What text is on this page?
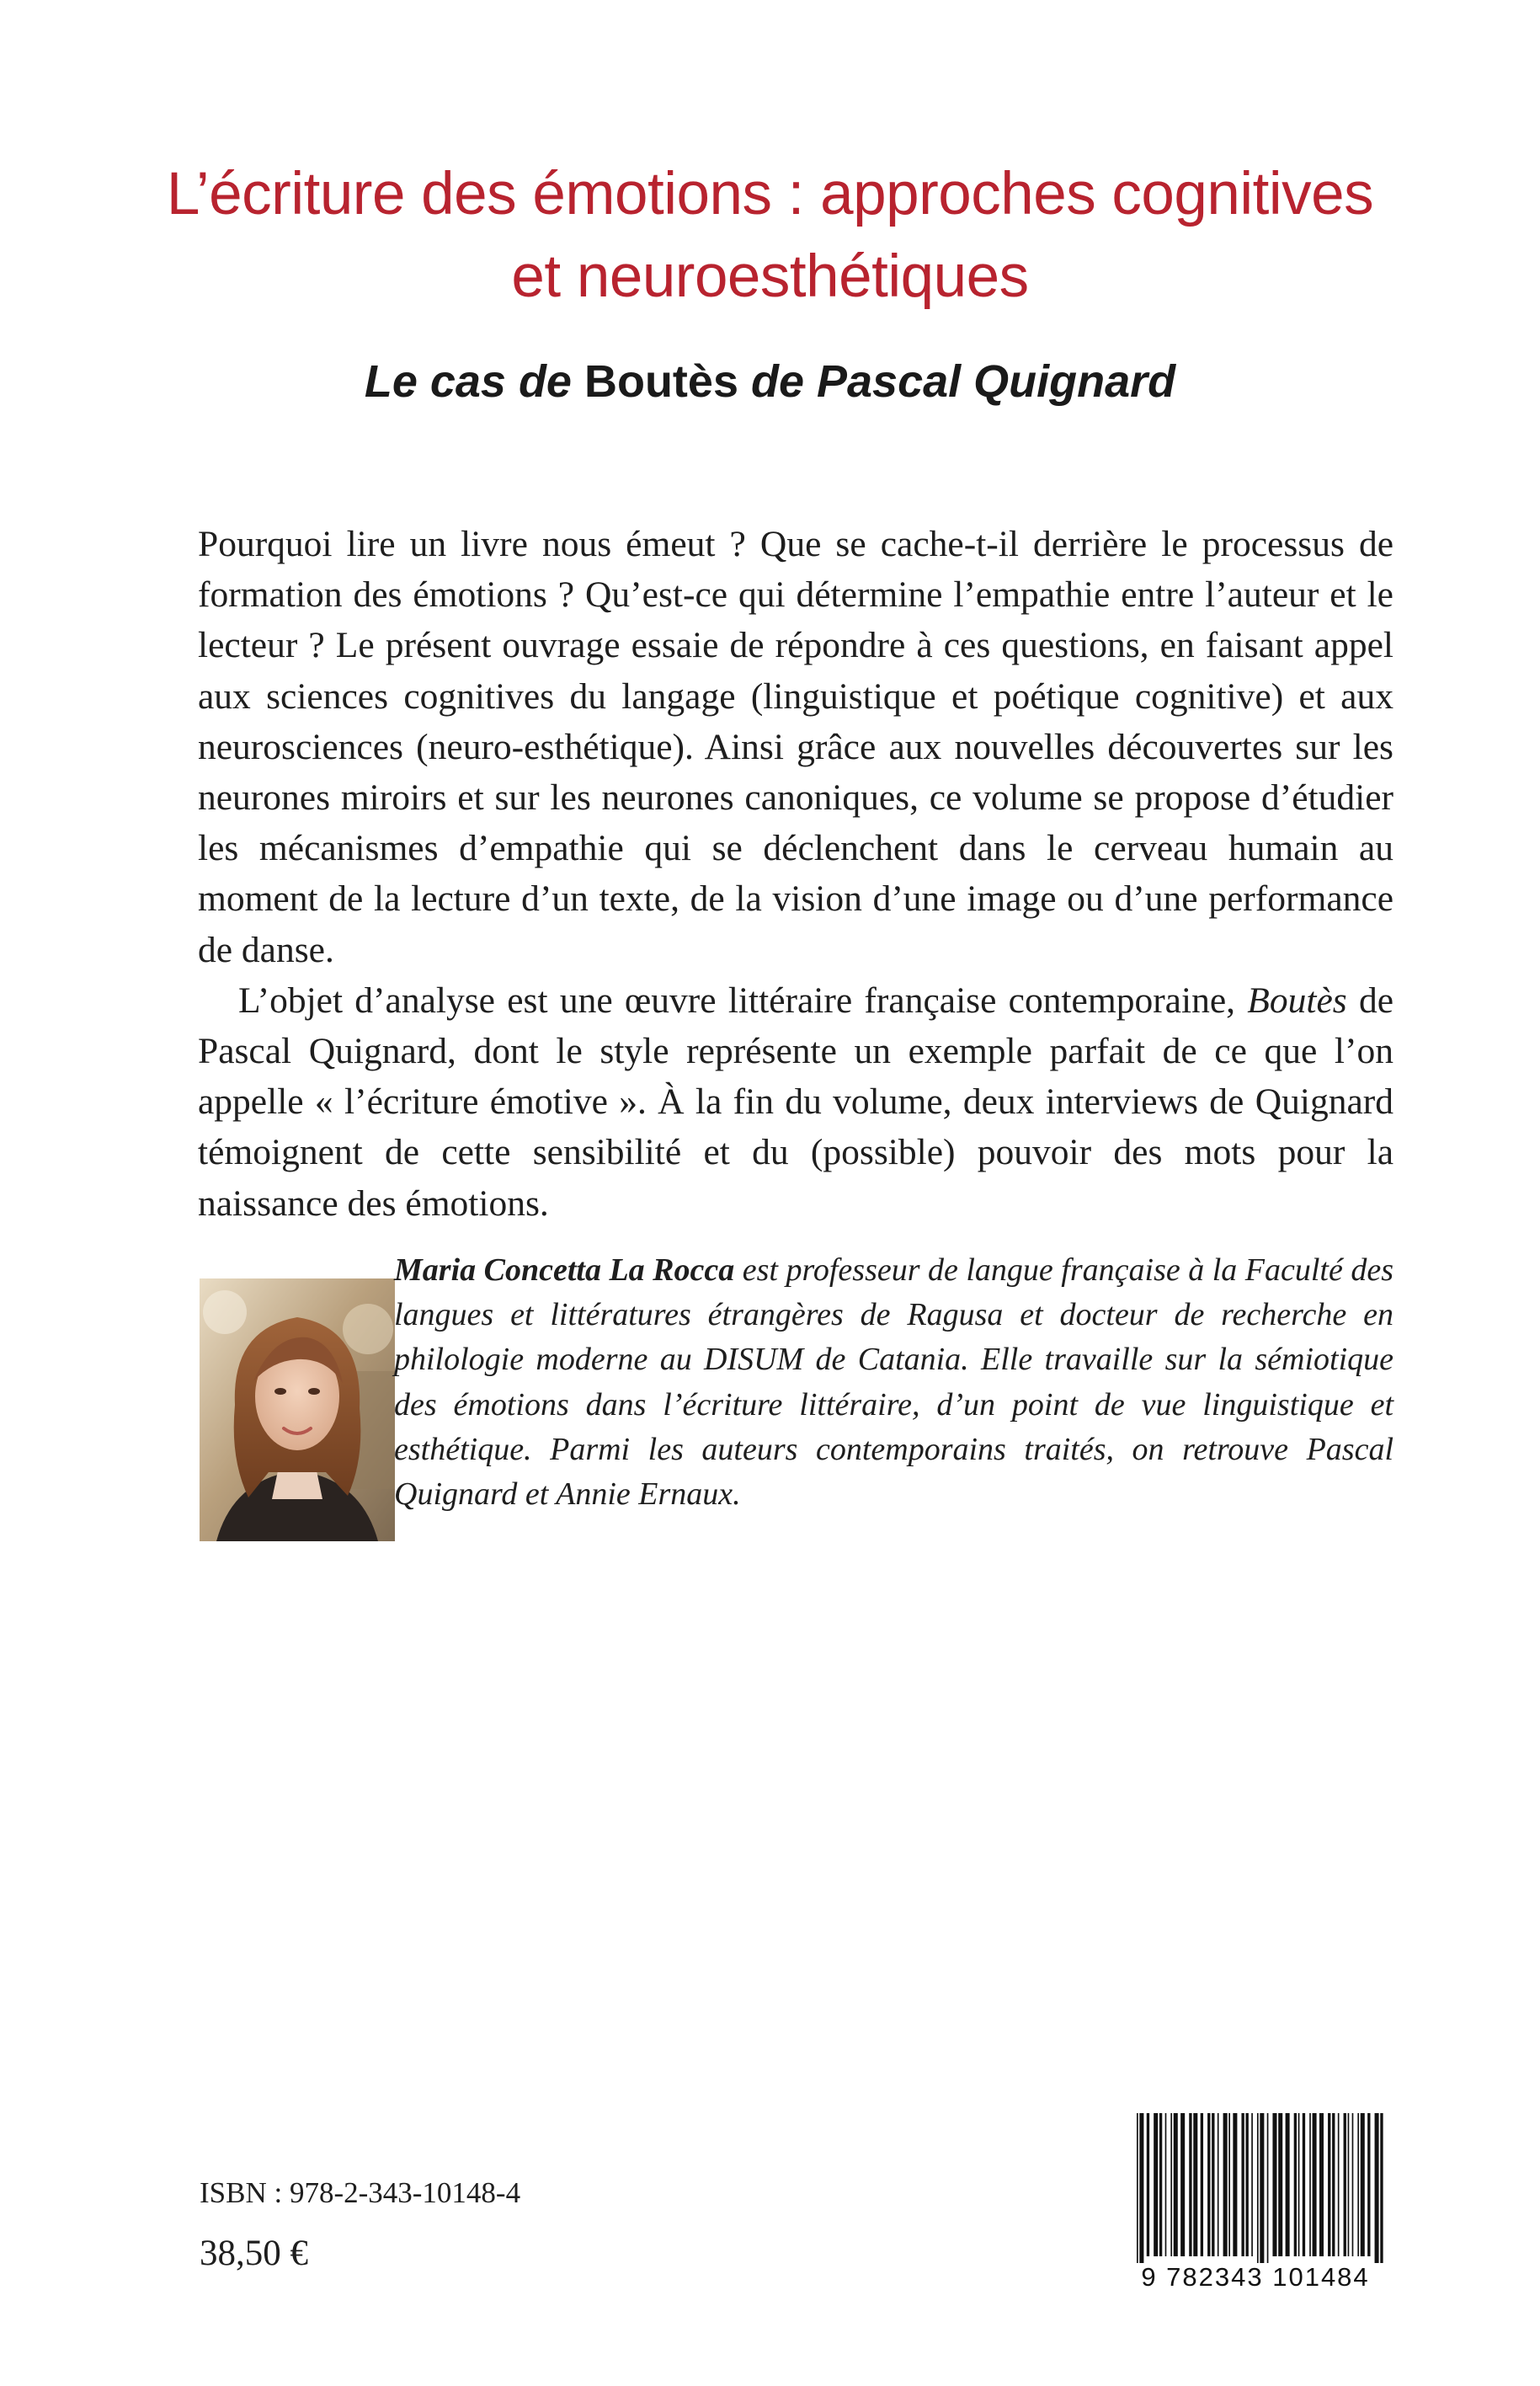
L’écriture des émotions : approches cognitives
et neuroesthétiques
Le cas de Boutès de Pascal Quignard

Pourquoi lire un livre nous émeut ? Que se cache-t-il derrière le processus de formation des émotions ? Qu’est-ce qui détermine l’empathie entre l’auteur et le lecteur ? Le présent ouvrage essaie de répondre à ces questions, en faisant appel aux sciences cognitives du langage (linguistique et poétique cognitive) et aux neurosciences (neuro-esthétique). Ainsi grâce aux nouvelles découvertes sur les neurones miroirs et sur les neurones canoniques, ce volume se propose d’étudier les mécanismes d’empathie qui se déclenchent dans le cerveau humain au moment de la lecture d’un texte, de la vision d’une image ou d’une performance de danse.

L’objet d’analyse est une œuvre littéraire française contemporaine, Boutès de Pascal Quignard, dont le style représente un exemple parfait de ce que l’on appelle « l’écriture émotive ». À la fin du volume, deux interviews de Quignard témoignent de cette sensibilité et du (possible) pouvoir des mots pour la naissance des émotions.

Maria Concetta La Rocca est professeur de langue française à la Faculté des langues et littératures étrangères de Ragusa et docteur de recherche en philologie moderne au DISUM de Catania. Elle travaille sur la sémiotique des émotions dans l’écriture littéraire, d’un point de vue linguistique et esthétique. Parmi les auteurs contemporains traités, on retrouve Pascal Quignard et Annie Ernaux.
ISBN : 978-2-343-10148-4
38,50 €
9 782343 101484
